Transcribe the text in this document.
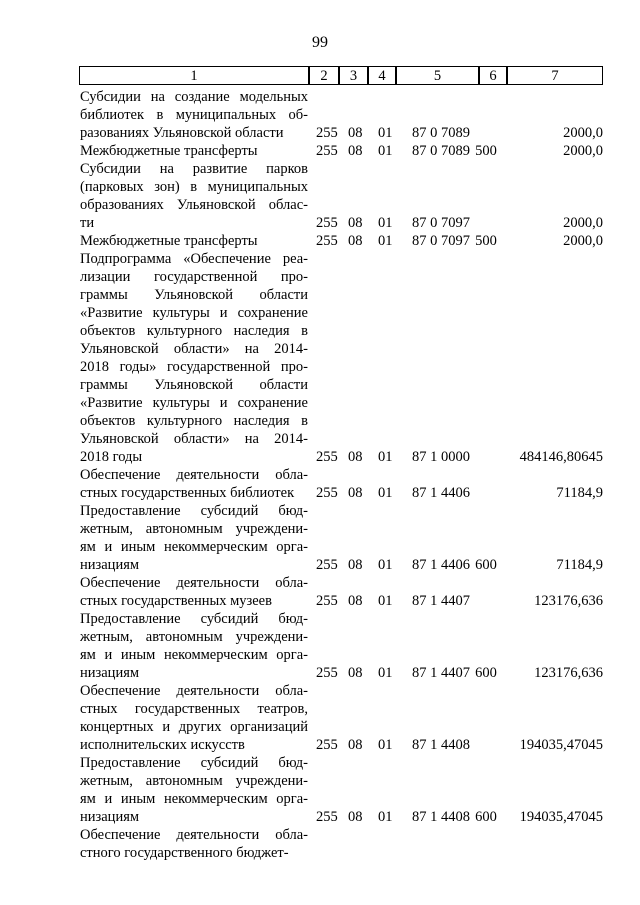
99
1	2	3	4	5	6	7
Субсидии на создание модельных
библиотек в муниципальных об-
разованиях Ульяновской области	255 08 01	87 0 7089	2000,0
Межбюджетные трансферты	255 08 01	87 0 7089 500	2000,0
Субсидии на развитие парков
(парковых зон) в муниципальных
образованиях Ульяновской облас-
ти	255 08 01	87 0 7097	2000,0
Межбюджетные трансферты	255 08 01	87 0 7097 500	2000,0
Подпрограмма «Обеспечение реа-
лизации государственной про-
граммы Ульяновской области
«Развитие культуры и сохранение
объектов культурного наследия в
Ульяновской области» на 2014-
2018 годы» государственной про-
граммы Ульяновской области
«Развитие культуры и сохранение
объектов культурного наследия в
Ульяновской области» на 2014-
2018 годы	255 08 01	87 1 0000	484146,80645
Обеспечение деятельности обла-
стных государственных библиотек	255 08 01	87 1 4406	71184,9
Предоставление субсидий бюд-
жетным, автономным учреждени-
ям и иным некоммерческим орга-
низациям	255 08 01	87 1 4406 600	71184,9
Обеспечение деятельности обла-
стных государственных музеев	255 08 01	87 1 4407	123176,636
Предоставление субсидий бюд-
жетным, автономным учреждени-
ям и иным некоммерческим орга-
низациям	255 08 01	87 1 4407 600	123176,636
Обеспечение деятельности обла-
стных государственных театров,
концертных и других организаций
исполнительских искусств	255 08 01	87 1 4408	194035,47045
Предоставление субсидий бюд-
жетным, автономным учреждени-
ям и иным некоммерческим орга-
низациям	255 08 01	87 1 4408 600	194035,47045
Обеспечение деятельности обла-
стного государственного бюджет-
